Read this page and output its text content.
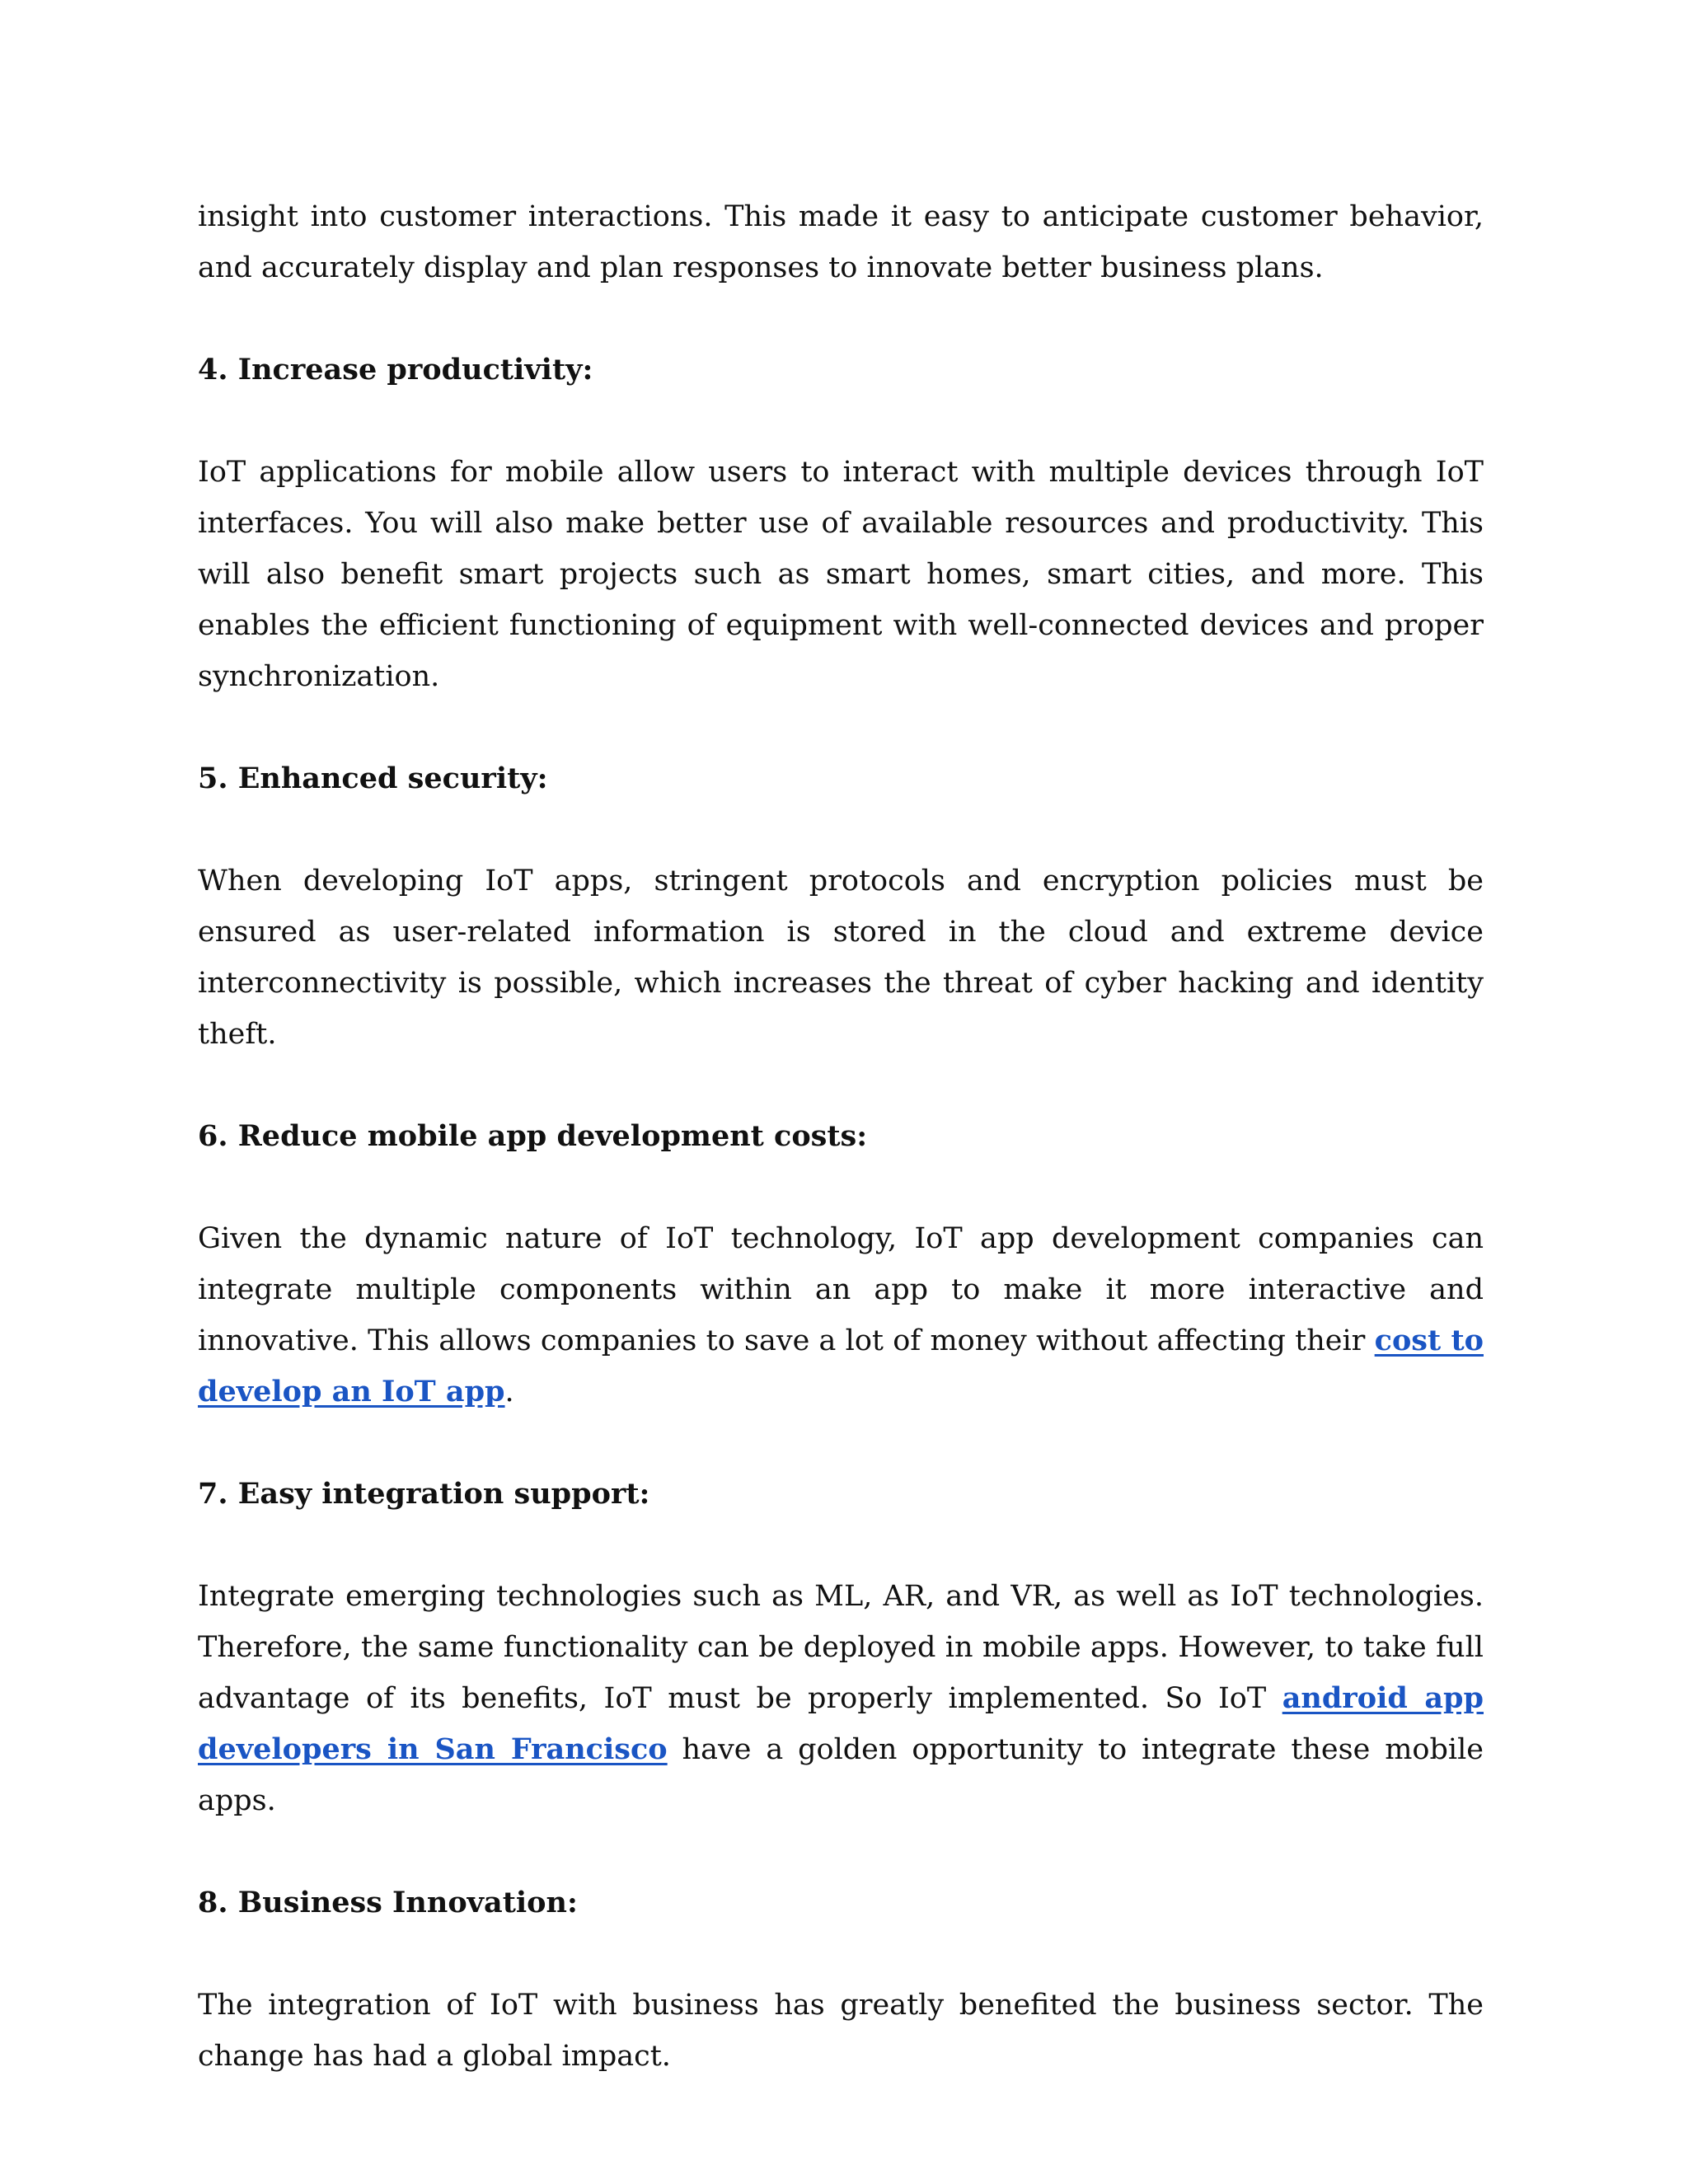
insight into customer interactions. This made it easy to anticipate customer behavior, and accurately display and plan responses to innovate better business plans.

4. Increase productivity:

IoT applications for mobile allow users to interact with multiple devices through IoT interfaces. You will also make better use of available resources and productivity. This will also benefit smart projects such as smart homes, smart cities, and more. This enables the efficient functioning of equipment with well-connected devices and proper synchronization.

5. Enhanced security:

When developing IoT apps, stringent protocols and encryption policies must be ensured as user-related information is stored in the cloud and extreme device interconnectivity is possible, which increases the threat of cyber hacking and identity theft.

6. Reduce mobile app development costs:

Given the dynamic nature of IoT technology, IoT app development companies can integrate multiple components within an app to make it more interactive and innovative. This allows companies to save a lot of money without affecting their cost to develop an IoT app.

7. Easy integration support:

Integrate emerging technologies such as ML, AR, and VR, as well as IoT technologies. Therefore, the same functionality can be deployed in mobile apps. However, to take full advantage of its benefits, IoT must be properly implemented. So IoT android app developers in San Francisco have a golden opportunity to integrate these mobile apps.

8. Business Innovation:

The integration of IoT with business has greatly benefited the business sector. The change has had a global impact.
